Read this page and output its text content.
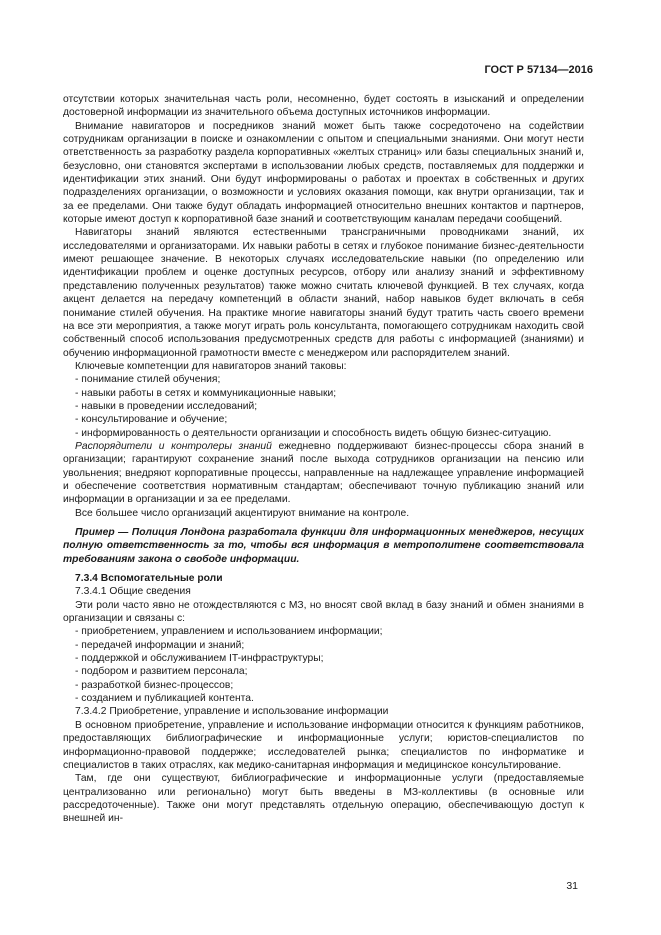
ГОСТ Р 57134—2016

отсутствии которых значительная часть роли, несомненно, будет состоять в изысканий и определении достоверной информации из значительного объема доступных источников информации.

Внимание навигаторов и посредников знаний может быть также сосредоточено на содействии сотрудникам организации в поиске и ознакомлении с опытом и специальными знаниями. Они могут нести ответственность за разработку раздела корпоративных «желтых страниц» или базы специальных знаний и, безусловно, они становятся экспертами в использовании любых средств, поставляемых для поддержки и идентификации этих знаний. Они будут информированы о работах и проектах в собственных и других подразделениях организации, о возможности и условиях оказания помощи, как внутри организации, так и за ее пределами. Они также будут обладать информацией относительно внешних контактов и партнеров, которые имеют доступ к корпоративной базе знаний и соответствующим каналам передачи сообщений.

Навигаторы знаний являются естественными трансграничными проводниками знаний, их исследователями и организаторами. Их навыки работы в сетях и глубокое понимание бизнес-деятельности имеют решающее значение. В некоторых случаях исследовательские навыки (по определению или идентификации проблем и оценке доступных ресурсов, отбору или анализу знаний и эффективному представлению полученных результатов) также можно считать ключевой функцией. В тех случаях, когда акцент делается на передачу компетенций в области знаний, набор навыков будет включать в себя понимание стилей обучения. На практике многие навигаторы знаний будут тратить часть своего времени на все эти мероприятия, а также могут играть роль консультанта, помогающего сотрудникам находить свой собственный способ использования предусмотренных средств для работы с информацией (знаниями) и обучению информационной грамотности вместе с менеджером или распорядителем знаний.

Ключевые компетенции для навигаторов знаний таковы:

- понимание стилей обучения;

- навыки работы в сетях и коммуникационные навыки;

- навыки в проведении исследований;

- консультирование и обучение;

- информированность о деятельности организации и способность видеть общую бизнес-ситуацию.

Распорядители и контролеры знаний ежедневно поддерживают бизнес-процессы сбора знаний в организации; гарантируют сохранение знаний после выхода сотрудников организации на пенсию или увольнения; внедряют корпоративные процессы, направленные на надлежащее управление информацией и обеспечение соответствия нормативным стандартам; обеспечивают точную публикацию знаний или информации в организации и за ее пределами.

Все большее число организаций акцентируют внимание на контроле.

Пример — Полиция Лондона разработала функции для информационных менеджеров, несущих полную ответственность за то, чтобы вся информация в метрополитене соответствовала требованиям закона о свободе информации.

7.3.4 Вспомогательные роли

7.3.4.1 Общие сведения

Эти роли часто явно не отождествляются с МЗ, но вносят свой вклад в базу знаний и обмен знаниями в организации и связаны с:

- приобретением, управлением и использованием информации;

- передачей информации и знаний;

- поддержкой и обслуживанием IT-инфраструктуры;

- подбором и развитием персонала;

- разработкой бизнес-процессов;

- созданием и публикацией контента.

7.3.4.2 Приобретение, управление и использование информации

В основном приобретение, управление и использование информации относится к функциям работников, предоставляющих библиографические и информационные услуги; юристов-специалистов по информационно-правовой поддержке; исследователей рынка; специалистов по информатике и специалистов в таких отраслях, как медико-санитарная информация и медицинское консультирование.

Там, где они существуют, библиографические и информационные услуги (предоставляемые централизованно или регионально) могут быть введены в МЗ-коллективы (в основные или рассредоточенные). Также они могут представлять отдельную операцию, обеспечивающую доступ к внешней ин-

31
